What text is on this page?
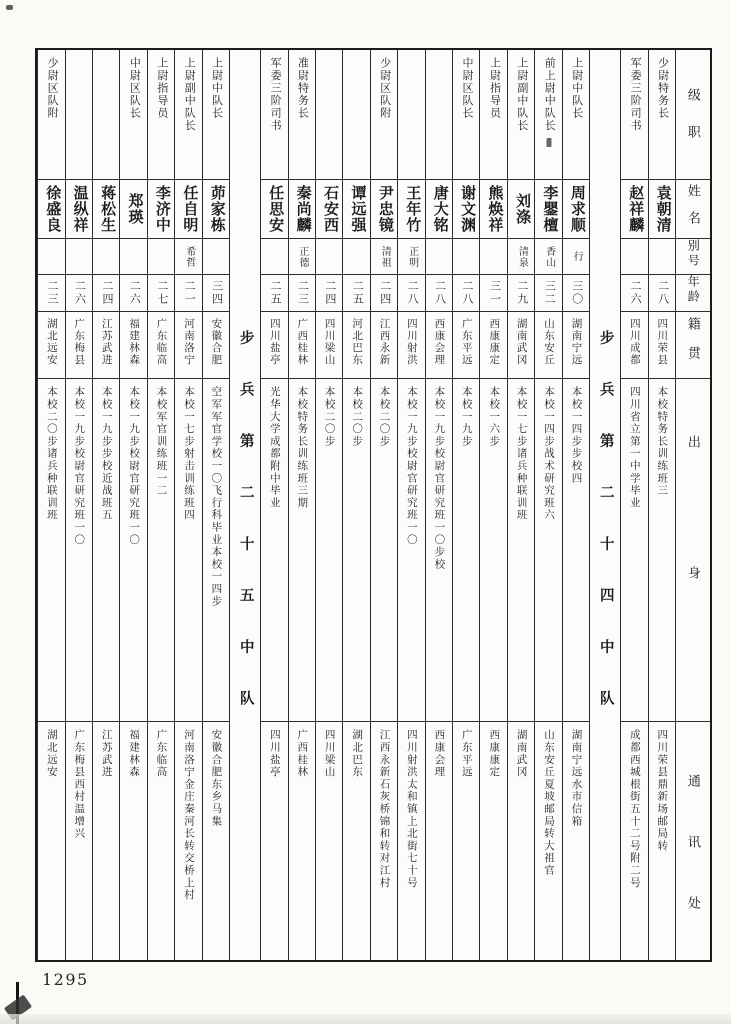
级职
姓名
别号
年龄
籍贯
出身
通讯处
少尉特务长
袁朝清
二八
四川荣县
本校特务长训练班三
四川荣县鼎新场邮局转
军委三阶司书
赵祥麟
二六
四川成都
四川省立第一中学毕业
成都西城根街五十二号附二号
步兵第二十四中队
上尉中队长
周求顺
行
三〇
湖南宁远
本校一四步步校四
湖南宁远水市信箱
前上尉中队长
李鑍檀
香山
三二
山东安丘
本校一四步战术研究班六
山东安丘夏坡邮局转大祖官
上尉副中队长
刘涤
清泉
二九
湖南武冈
本校一七步诸兵种联训班
湖南武冈
上尉指导员
熊焕祥
三一
西康康定
本校一六步
西康康定
中尉区队长
谢文渊
二八
广东平远
本校一九步
广东平远
唐大铭
二八
西康会理
本校一九步校尉官研究班一〇步校
西康会理
王年竹
正明
二八
四川射洪
本校一九步校尉官研究班一〇
四川射洪太和镇上北街七十号
少尉区队附
尹忠镜
清祖
二四
江西永新
本校二〇步
江西永新石灰桥锦和转对江村
谭远强
二五
河北巴东
本校二〇步
湖北巴东
石安西
二四
四川梁山
本校二〇步
四川梁山
准尉特务长
秦尚麟
正德
二三
广西桂林
本校特务长训练班三期
广西桂林
军委三阶司书
任思安
二五
四川盐亭
光华大学成都附中毕业
四川盐亭
步兵第二十五中队
上尉中队长
茆家栋
三四
安徽合肥
空军军官学校一〇飞行科毕业本校一四步
安徽合肥东乡马集
上尉副中队长
任自明
希哲
二一
河南洛宁
本校一七步射击训练班四
河南洛宁金庄秦河长转交桥上村
上尉指导员
李济中
二七
广东临高
本校军官训练班一二
广东临高
中尉区队长
郑瑛
二六
福建林森
本校一九步校尉官研究班一〇
福建林森
蒋松生
二四
江苏武进
本校一九步步校近战班五
江苏武进
温纵祥
二六
广东梅县
本校一九步校尉官研究班一〇
广东梅县西村温增兴
少尉区队附
徐盛良
二三
湖北远安
本校二〇步诸兵种联训班
湖北远安
1295
